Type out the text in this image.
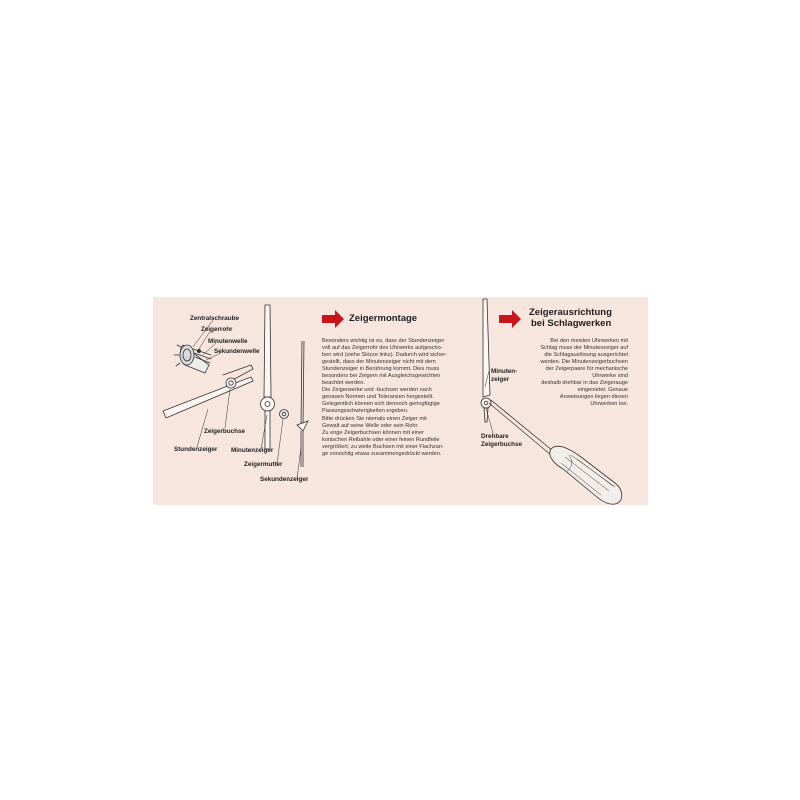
Zentralschraube
Zeigerrohr
Minutenwelle
Sekundenwelle
Zeigerbuchse
Stundenzeiger Minutenzeiger
Zeigermutter
Sekundenzeiger
Zeigermontage
Besonders wichtig ist es, dass der Stundenzeiger
voll auf das Zeigerrohr des Uhrwerks aufgescho-
ben wird (siehe Skizze links). Dadurch wird sicher-
gestellt, dass der Minutenzeiger nicht mit dem
Stundenzeiger in Berührung kommt. Dies muss
besonders bei Zeigern mit Ausgleichsgewichten
beachtet werden.
Die Zeigerwerke und -buchsen werden nach
genauen Normen und Toleranzen hergestellt.
Gelegentlich können sich dennoch geringfügige
Passungsschwierigkeiten ergeben.
Bitte drücken Sie niemals einen Zeiger mit
Gewalt auf seine Welle oder sein Rohr.
Zu enge Zeigerbuchsen können mit einer
konischen Reibahle oder einer feinen Rundfeile
vergrößert, zu weite Buchsen mit einer Flachzan-
ge vorsichtig etwas zusammengedrückt werden.
Zeigerausrichtung
bei Schlagwerken
Bei den meisten Uhrwerken mit
Schlag muss der Minutenzeiger auf
die Schlagauslösung ausgerichtet
werden. Die Minutenzeigerbuchsen
der Zeigerpaare für mechanische
Uhrwerke sind
deshalb drehbar in das Zeigerauge
eingenietet. Genaue
Anweisungen liegen diesen
Uhrwerken bei.
Minuten-
zeiger
Drehbare
Zeigerbuchse
